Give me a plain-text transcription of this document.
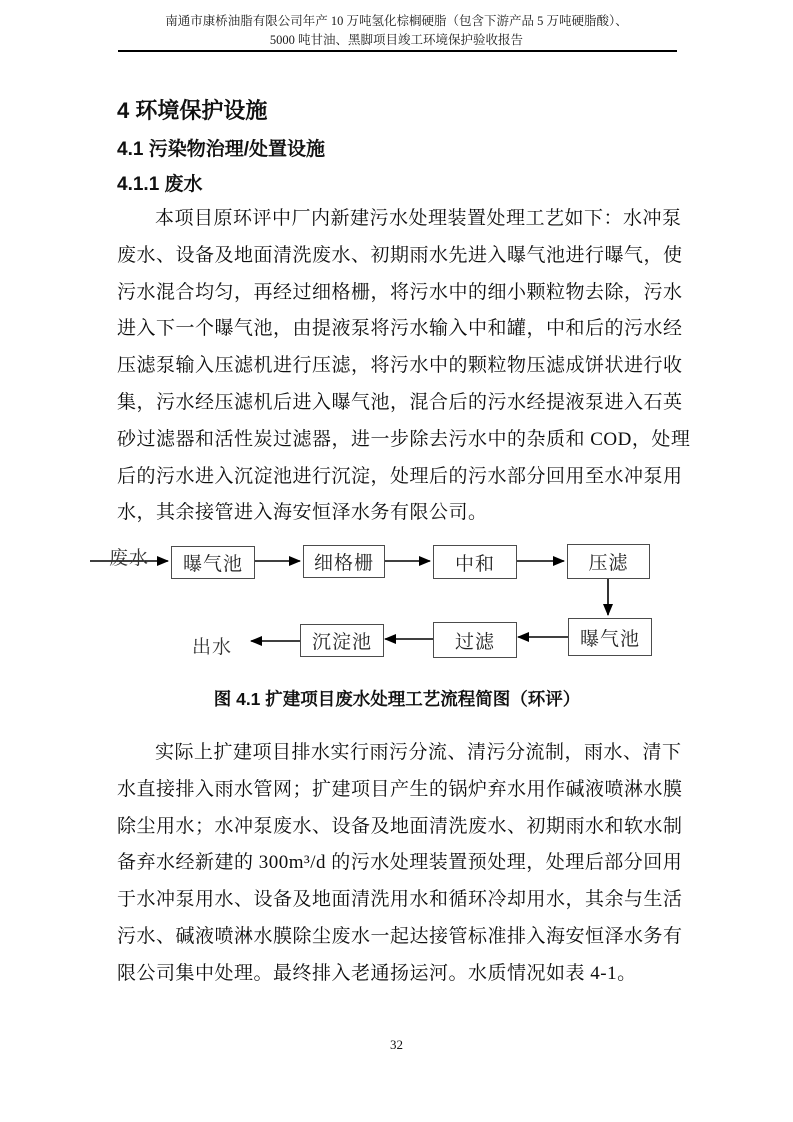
南通市康桥油脂有限公司年产 10 万吨氢化棕榈硬脂（包含下游产品 5 万吨硬脂酸）、
5000 吨甘油、黑脚项目竣工环境保护验收报告
4 环境保护设施
4.1 污染物治理/处置设施
4.1.1 废水
本项目原环评中厂内新建污水处理装置处理工艺如下：水冲泵
废水、设备及地面清洗废水、初期雨水先进入曝气池进行曝气，使
污水混合均匀，再经过细格栅，将污水中的细小颗粒物去除，污水
进入下一个曝气池，由提液泵将污水输入中和罐，中和后的污水经
压滤泵输入压滤机进行压滤，将污水中的颗粒物压滤成饼状进行收
集，污水经压滤机后进入曝气池，混合后的污水经提液泵进入石英
砂过滤器和活性炭过滤器，进一步除去污水中的杂质和 COD，处理
后的污水进入沉淀池进行沉淀，处理后的污水部分回用至水冲泵用
水，其余接管进入海安恒泽水务有限公司。
废水	曝气池	细格栅	中和	压滤
曝气池
过滤
沉淀池
出水
图 4.1 扩建项目废水处理工艺流程简图（环评）
实际上扩建项目排水实行雨污分流、清污分流制，雨水、清下
水直接排入雨水管网；扩建项目产生的锅炉弃水用作碱液喷淋水膜
除尘用水；水冲泵废水、设备及地面清洗废水、初期雨水和软水制
备弃水经新建的 300m³/d 的污水处理装置预处理，处理后部分回用
于水冲泵用水、设备及地面清洗用水和循环冷却用水，其余与生活
污水、碱液喷淋水膜除尘废水一起达接管标准排入海安恒泽水务有
限公司集中处理。最终排入老通扬运河。水质情况如表 4-1。
32
